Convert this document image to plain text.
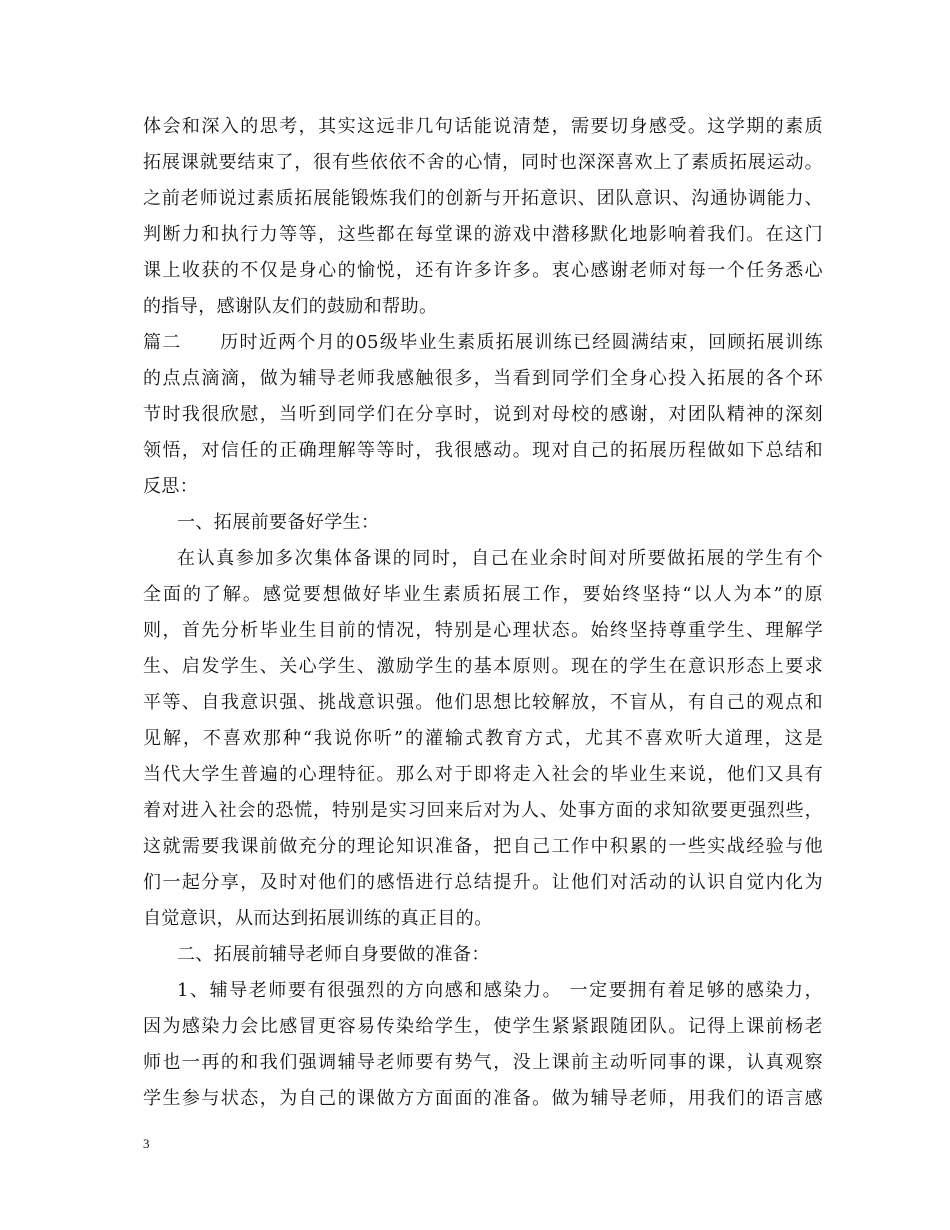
体会和深入的思考，其实这远非几句话能说清楚，需要切身感受。这学期的素质
拓展课就要结束了，很有些依依不舍的心情，同时也深深喜欢上了素质拓展运动。
之前老师说过素质拓展能锻炼我们的创新与开拓意识、团队意识、沟通协调能力、
判断力和执行力等等，这些都在每堂课的游戏中潜移默化地影响着我们。在这门
课上收获的不仅是身心的愉悦，还有许多许多。衷心感谢老师对每一个任务悉心
的指导，感谢队友们的鼓励和帮助。
篇二　　历时近两个月的05级毕业生素质拓展训练已经圆满结束，回顾拓展训练
的点点滴滴，做为辅导老师我感触很多，当看到同学们全身心投入拓展的各个环
节时我很欣慰，当听到同学们在分享时，说到对母校的感谢，对团队精神的深刻
领悟，对信任的正确理解等等时，我很感动。现对自己的拓展历程做如下总结和
反思：
一、拓展前要备好学生：
在认真参加多次集体备课的同时，自己在业余时间对所要做拓展的学生有个
全面的了解。感觉要想做好毕业生素质拓展工作，要始终坚持“以人为本”的原
则，首先分析毕业生目前的情况，特别是心理状态。始终坚持尊重学生、理解学
生、启发学生、关心学生、激励学生的基本原则。现在的学生在意识形态上要求
平等、自我意识强、挑战意识强。他们思想比较解放，不盲从，有自己的观点和
见解，不喜欢那种“我说你听”的灌输式教育方式，尤其不喜欢听大道理，这是
当代大学生普遍的心理特征。那么对于即将走入社会的毕业生来说，他们又具有
着对进入社会的恐慌，特别是实习回来后对为人、处事方面的求知欲要更强烈些，
这就需要我课前做充分的理论知识准备，把自己工作中积累的一些实战经验与他
们一起分享，及时对他们的感悟进行总结提升。让他们对活动的认识自觉内化为
自觉意识，从而达到拓展训练的真正目的。
二、拓展前辅导老师自身要做的准备：
1、辅导老师要有很强烈的方向感和感染力。 一定要拥有着足够的感染力，
因为感染力会比感冒更容易传染给学生，使学生紧紧跟随团队。记得上课前杨老
师也一再的和我们强调辅导老师要有势气，没上课前主动听同事的课，认真观察
学生参与状态，为自己的课做方方面面的准备。做为辅导老师，用我们的语言感
3
